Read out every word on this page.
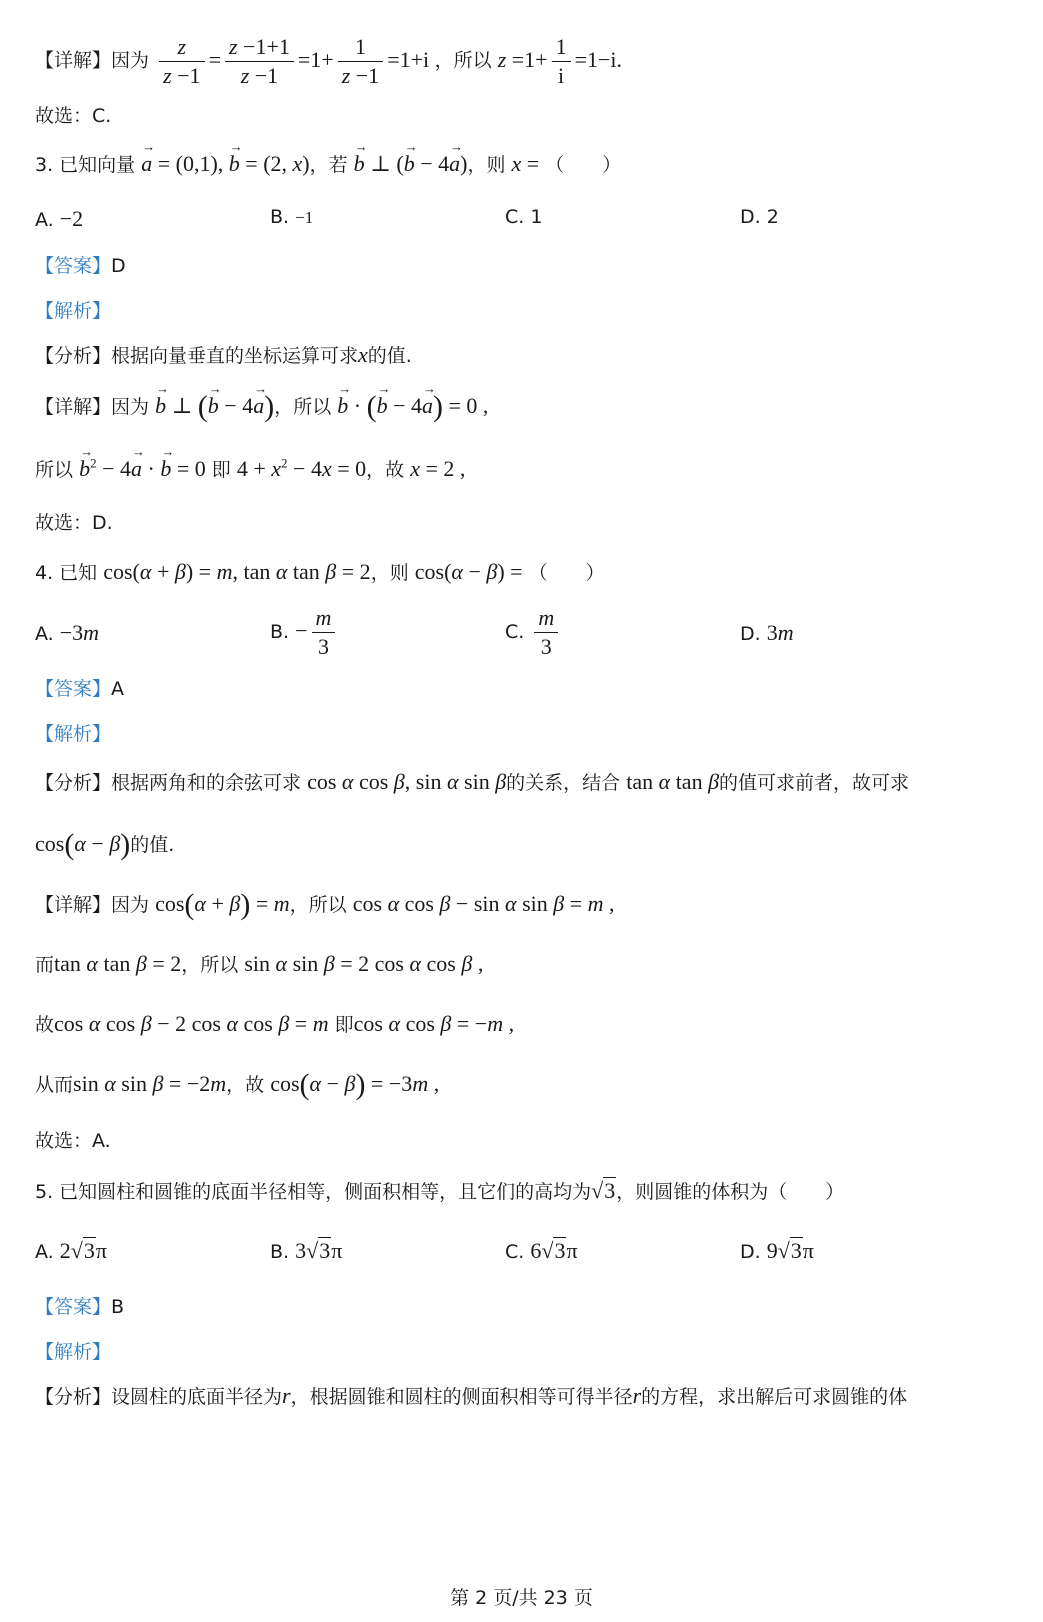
【详解】因为 $\frac{z}{z -1} = \frac{z -1+1}{z -1} =1+ \frac{1}{z -1} =1+i$ ，所以 $z =1+ \frac{1}{i} =1-i$.
故选：C.
3. 已知向量 → a = (0,1), → b = (2, x)，若 → b ⊥ (→ b − 4→ a)，则 x = （　　）
A. −2	B. −1	C. 1	D. 2
【答案】D
【解析】
【分析】根据向量垂直的坐标运算可求x的值.
【详解】因为 → b ⊥ (→ b − 4→ a)，所以 → b · (→ b − 4→ a) = 0 ,
所以 → $b^2 - 4\to a$ · → b = 0 即 $4 + x^2 - 4x = 0$，故 x = 2 ,
故选：D.
4. 已知 cos(α + β) = m, tan α tan β = 2，则 cos(α − β) = （　　）
A. −3m	B. − $\frac{m}{3}$	C. $\frac{m}{3}$	D. 3m
【答案】A
【解析】
【分析】根据两角和的余弦可求 cos α cos β, sin α sin β的关系，结合 tan α tan β的值可求前者，故可求
cos(α − β)的值.
【详解】因为 cos(α + β) = m，所以 cos α cos β − sin α sin β = m ,
而tan α tan β = 2，所以 sin α sin β = 2 cos α cos β ,
故cos α cos β − 2 cos α cos β = m 即cos α cos β = −m ,
从而sin α sin β = −2m，故 cos(α − β) = −3m ,
故选：A.
5. 已知圆柱和圆锥的底面半径相等，侧面积相等，且它们的高均为√3，则圆锥的体积为（　　）
A. 2√3π	B. 3√3π	C. 6√3π	D. 9√3π
【答案】B
【解析】
【分析】设圆柱的底面半径为r，根据圆锥和圆柱的侧面积相等可得半径r的方程，求出解后可求圆锥的体
第 2 页/共 23 页
